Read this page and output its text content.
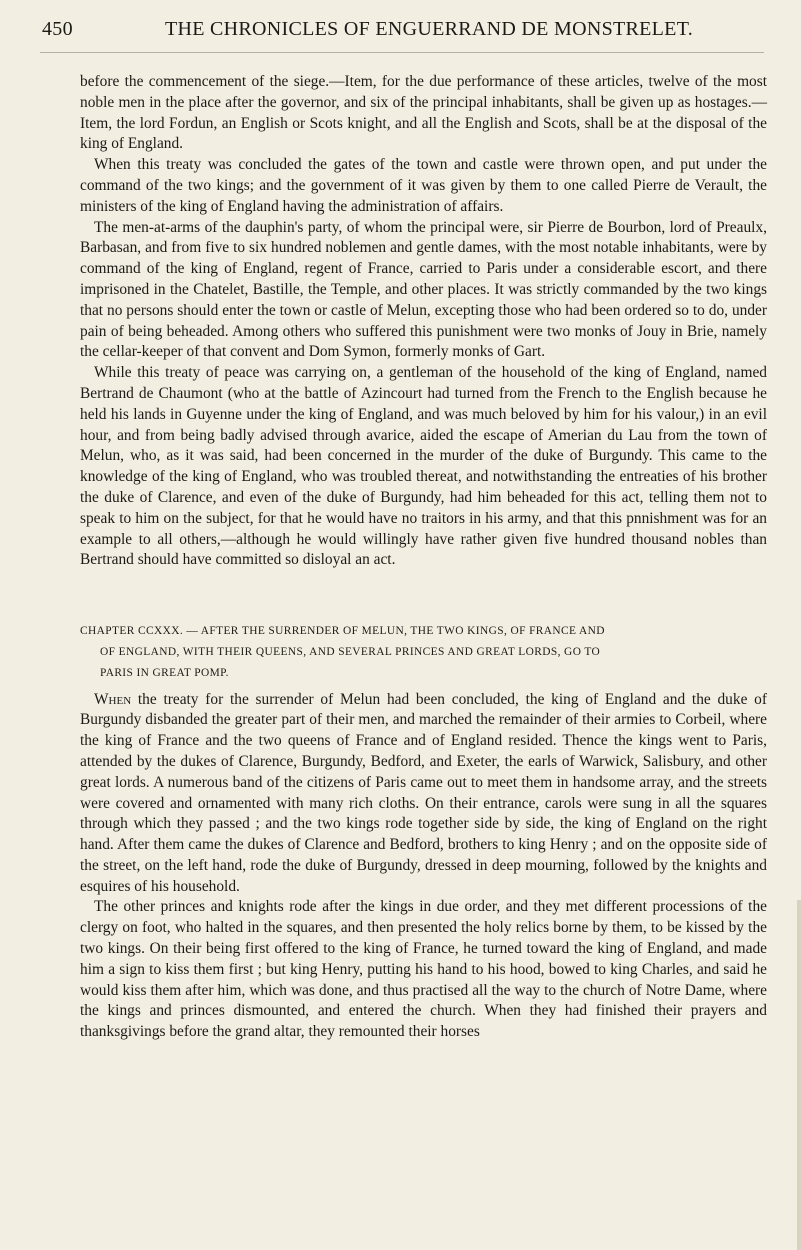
450	THE CHRONICLES OF ENGUERRAND DE MONSTRELET.

before the commencement of the siege.—Item, for the due performance of these articles, twelve of the most noble men in the place after the governor, and six of the principal inhabitants, shall be given up as hostages.—Item, the lord Fordun, an English or Scots knight, and all the English and Scots, shall be at the disposal of the king of England.

When this treaty was concluded the gates of the town and castle were thrown open, and put under the command of the two kings; and the government of it was given by them to one called Pierre de Verault, the ministers of the king of England having the administration of affairs.

The men-at-arms of the dauphin's party, of whom the principal were, sir Pierre de Bourbon, lord of Preaulx, Barbasan, and from five to six hundred noblemen and gentle dames, with the most notable inhabitants, were by command of the king of England, regent of France, carried to Paris under a considerable escort, and there imprisoned in the Chatelet, Bastille, the Temple, and other places. It was strictly commanded by the two kings that no persons should enter the town or castle of Melun, excepting those who had been ordered so to do, under pain of being beheaded. Among others who suffered this punishment were two monks of Jouy in Brie, namely the cellar-keeper of that convent and Dom Symon, formerly monks of Gart.

While this treaty of peace was carrying on, a gentleman of the household of the king of England, named Bertrand de Chaumont (who at the battle of Azincourt had turned from the French to the English because he held his lands in Guyenne under the king of England, and was much beloved by him for his valour,) in an evil hour, and from being badly advised through avarice, aided the escape of Amerian du Lau from the town of Melun, who, as it was said, had been concerned in the murder of the duke of Burgundy. This came to the knowledge of the king of England, who was troubled thereat, and notwithstanding the entreaties of his brother the duke of Clarence, and even of the duke of Burgundy, had him beheaded for this act, telling them not to speak to him on the subject, for that he would have no traitors in his army, and that this pnnishment was for an example to all others,—although he would willingly have rather given five hundred thousand nobles than Bertrand should have committed so disloyal an act.

CHAPTER CCXXX. — AFTER THE SURRENDER OF MELUN, THE TWO KINGS, OF FRANCE AND
OF ENGLAND, WITH THEIR QUEENS, AND SEVERAL PRINCES AND GREAT LORDS, GO TO
PARIS IN GREAT POMP.

When the treaty for the surrender of Melun had been concluded, the king of England and the duke of Burgundy disbanded the greater part of their men, and marched the remainder of their armies to Corbeil, where the king of France and the two queens of France and of England resided. Thence the kings went to Paris, attended by the dukes of Clarence, Burgundy, Bedford, and Exeter, the earls of Warwick, Salisbury, and other great lords. A numerous band of the citizens of Paris came out to meet them in handsome array, and the streets were covered and ornamented with many rich cloths. On their entrance, carols were sung in all the squares through which they passed ; and the two kings rode together side by side, the king of England on the right hand. After them came the dukes of Clarence and Bedford, brothers to king Henry ; and on the opposite side of the street, on the left hand, rode the duke of Burgundy, dressed in deep mourning, followed by the knights and esquires of his household.

The other princes and knights rode after the kings in due order, and they met different processions of the clergy on foot, who halted in the squares, and then presented the holy relics borne by them, to be kissed by the two kings. On their being first offered to the king of France, he turned toward the king of England, and made him a sign to kiss them first ; but king Henry, putting his hand to his hood, bowed to king Charles, and said he would kiss them after him, which was done, and thus practised all the way to the church of Notre Dame, where the kings and princes dismounted, and entered the church. When they had finished their prayers and thanksgivings before the grand altar, they remounted their horses
